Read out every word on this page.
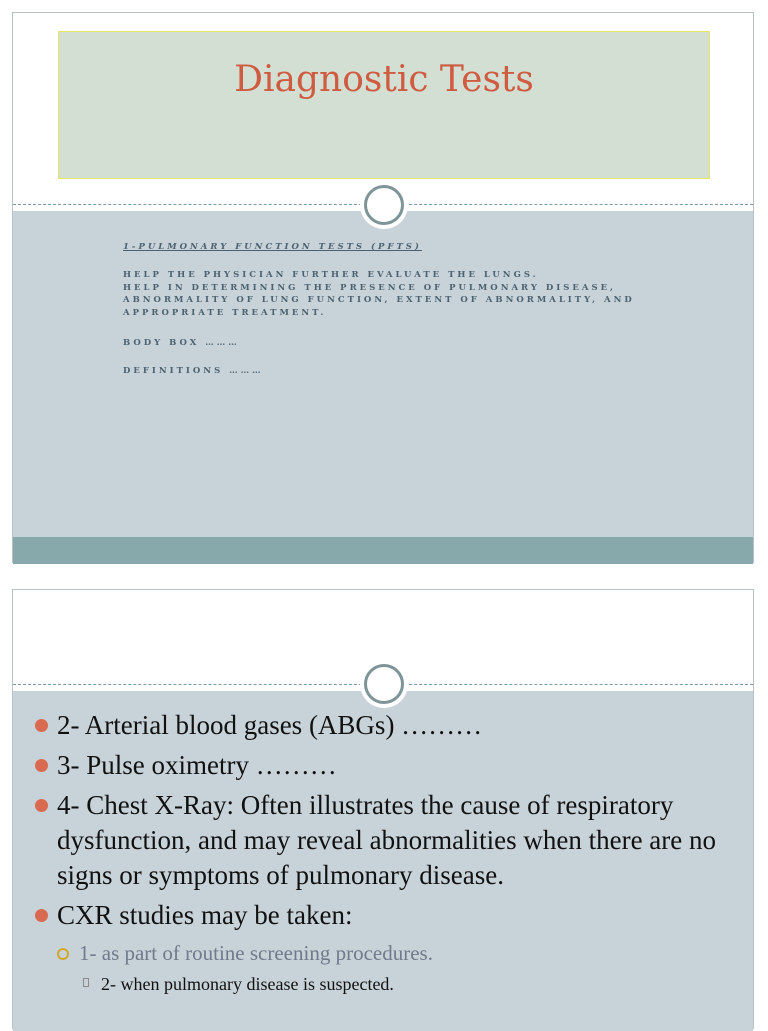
Diagnostic Tests
1-PULMONARY FUNCTION TESTS (PFTS)
HELP THE PHYSICIAN FURTHER EVALUATE THE LUNGS.
HELP IN DETERMINING THE PRESENCE OF PULMONARY DISEASE, ABNORMALITY OF LUNG FUNCTION, EXTENT OF ABNORMALITY, AND APPROPRIATE TREATMENT.
BODY BOX ………
DEFINITIONS ………
2- Arterial blood gases (ABGs) ………
3- Pulse oximetry ………
4- Chest X-Ray: Often illustrates the cause of respiratory dysfunction, and may reveal abnormalities when there are no signs or symptoms of pulmonary disease.
CXR studies may be taken:
1- as part of routine screening procedures.
2- when pulmonary disease is suspected.
